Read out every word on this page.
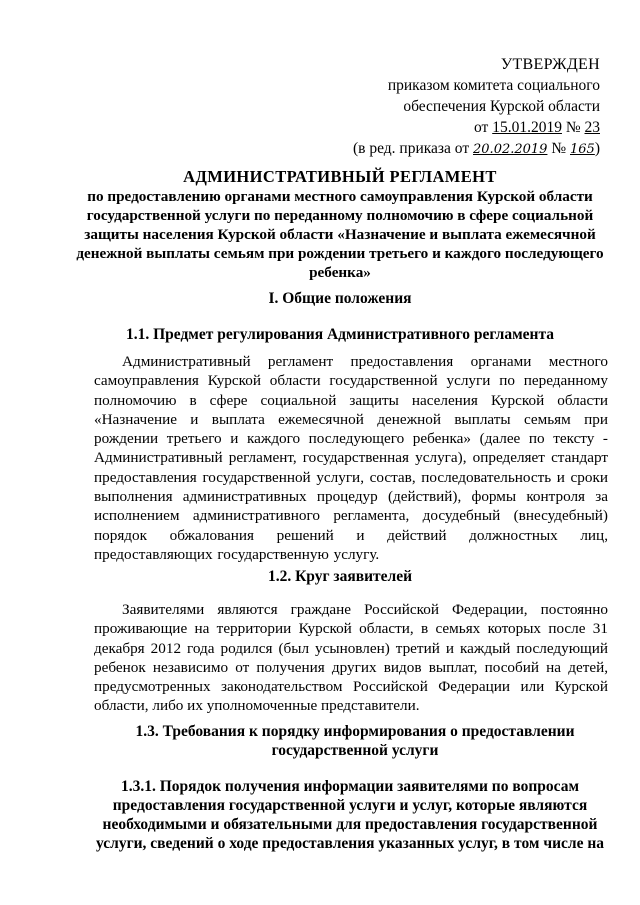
УТВЕРЖДЕН
приказом комитета социального
обеспечения Курской области
от 15.01.2019 № 23
(в ред. приказа от 20.02.2019 № 165)
АДМИНИСТРАТИВНЫЙ РЕГЛАМЕНТ
по предоставлению органами местного самоуправления Курской области государственной услуги по переданному полномочию в сфере социальной защиты населения Курской области «Назначение и выплата ежемесячной денежной выплаты семьям при рождении третьего и каждого последующего ребенка»
I. Общие положения
1.1. Предмет регулирования Административного регламента

Административный регламент предоставления органами местного самоуправления Курской области государственной услуги по переданному полномочию в сфере социальной защиты населения Курской области «Назначение и выплата ежемесячной денежной выплаты семьям при рождении третьего и каждого последующего ребенка» (далее по тексту - Административный регламент, государственная услуга), определяет стандарт предоставления государственной услуги, состав, последовательность и сроки выполнения административных процедур (действий), формы контроля за исполнением административного регламента, досудебный (внесудебный) порядок обжалования решений и действий должностных лиц, предоставляющих государственную услугу.

1.2. Круг заявителей

Заявителями являются граждане Российской Федерации, постоянно проживающие на территории Курской области, в семьях которых после 31 декабря 2012 года родился (был усыновлен) третий и каждый последующий ребенок независимо от получения других видов выплат, пособий на детей, предусмотренных законодательством Российской Федерации или Курской области, либо их уполномоченные представители.

1.3. Требования к порядку информирования о предоставлении государственной услуги
1.3.1. Порядок получения информации заявителями по вопросам предоставления государственной услуги и услуг, которые являются необходимыми и обязательными для предоставления государственной услуги, сведений о ходе предоставления указанных услуг, в том числе на
